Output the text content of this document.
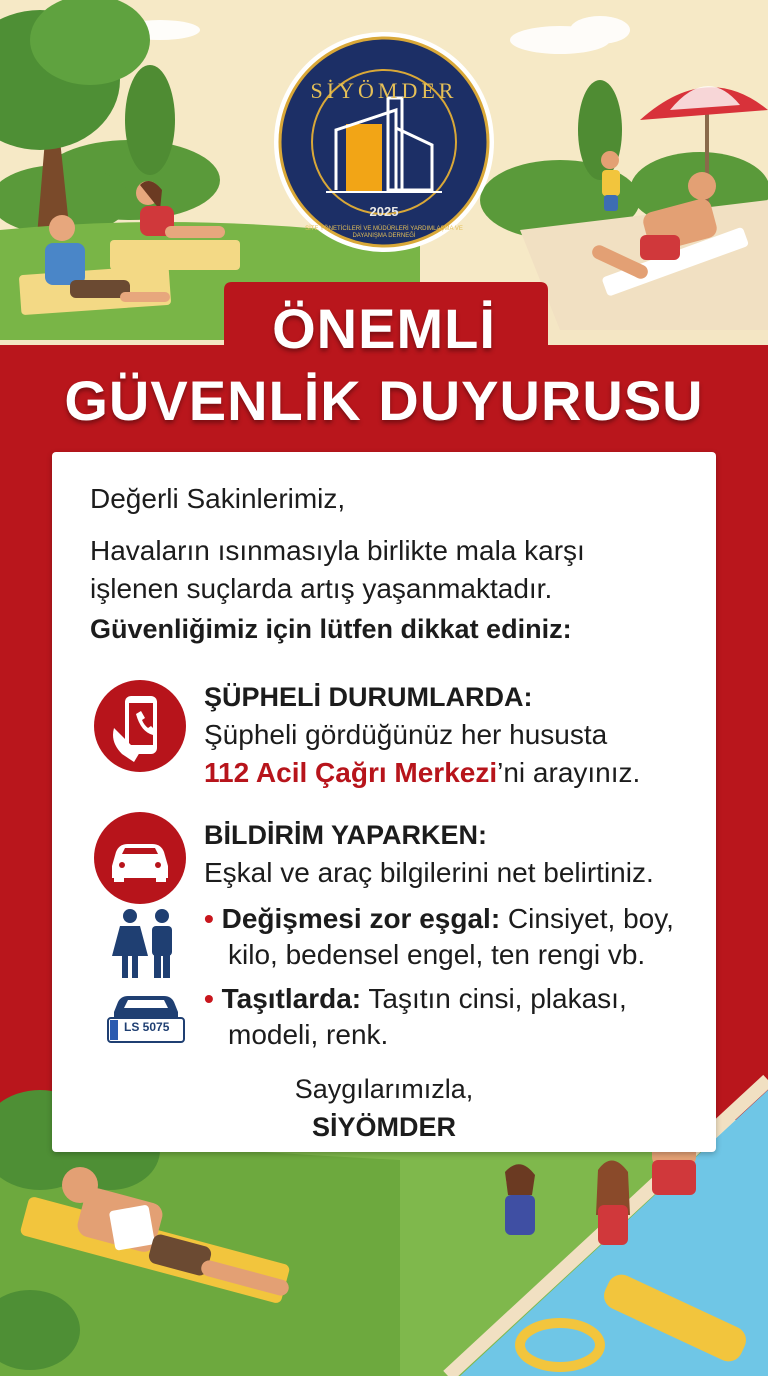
SİYÖMDER
2025
SİTE YÖNETİCİLERİ VE MÜDÜRLERİ YARDIMLAŞMA VE DAYANIŞMA DERNEĞİ
ÖNEMLİ
GÜVENLİK DUYURUSU
Değerli Sakinlerimiz,
Havaların ısınmasıyla birlikte mala karşı
işlenen suçlarda artış yaşanmaktadır.
Güvenliğimiz için lütfen dikkat ediniz:
ŞÜPHELİ DURUMLARDA:
Şüpheli gördüğünüz her hususta
112 Acil Çağrı Merkezi’ni arayınız.
BİLDİRİM YAPARKEN:
Eşkal ve araç bilgilerini net belirtiniz.
• Değişmesi zor eşgal: Cinsiyet, boy,
kilo, bedensel engel, ten rengi vb.
LS 5075
• Taşıtlarda: Taşıtın cinsi, plakası,
modeli, renk.
Saygılarımızla,
SİYÖMDER
